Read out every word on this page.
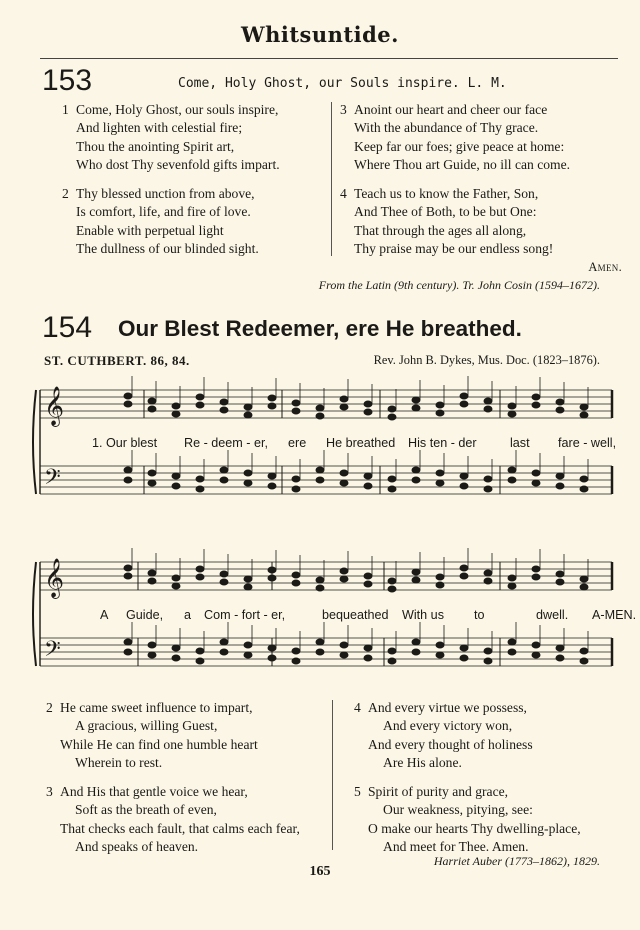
Whitsuntide.
153	Come, Holy Ghost, our Souls inspire. L. M.
1 Come, Holy Ghost, our souls inspire,
And lighten with celestial fire;
Thou the anointing Spirit art,
Who dost Thy sevenfold gifts impart.
2 Thy blessed unction from above,
Is comfort, life, and fire of love.
Enable with perpetual light
The dullness of our blinded sight.
3 Anoint our heart and cheer our face
With the abundance of Thy grace.
Keep far our foes; give peace at home:
Where Thou art Guide, no ill can come.
4 Teach us to know the Father, Son,
And Thee of Both, to be but One:
That through the ages all along,
Thy praise may be our endless song!
Amen.
From the Latin (9th century). Tr. John Cosin (1594–1672).
154 Our Blest Redeemer, ere He breathed.
ST. CUTHBERT. 86, 84.	Rev. John B. Dykes, Mus. Doc. (1823–1876).
𝄞
𝄢
𝄞
𝄢
1. Our blest Re - deem - er, ere He breathed His ten - der	last fare - well,
A Guide, a Com - fort - er,	bequeathed With us to	dwell. A-MEN.
2 He came sweet influence to impart,
A gracious, willing Guest,
While He can find one humble heart
Wherein to rest.
3 And His that gentle voice we hear,
Soft as the breath of even,
That checks each fault, that calms each fear,
And speaks of heaven.
4 And every virtue we possess,
And every victory won,
And every thought of holiness
Are His alone.
5 Spirit of purity and grace,
Our weakness, pitying, see:
O make our hearts Thy dwelling-place,
And meet for Thee. Amen.
Harriet Auber (1773–1862), 1829.
165
